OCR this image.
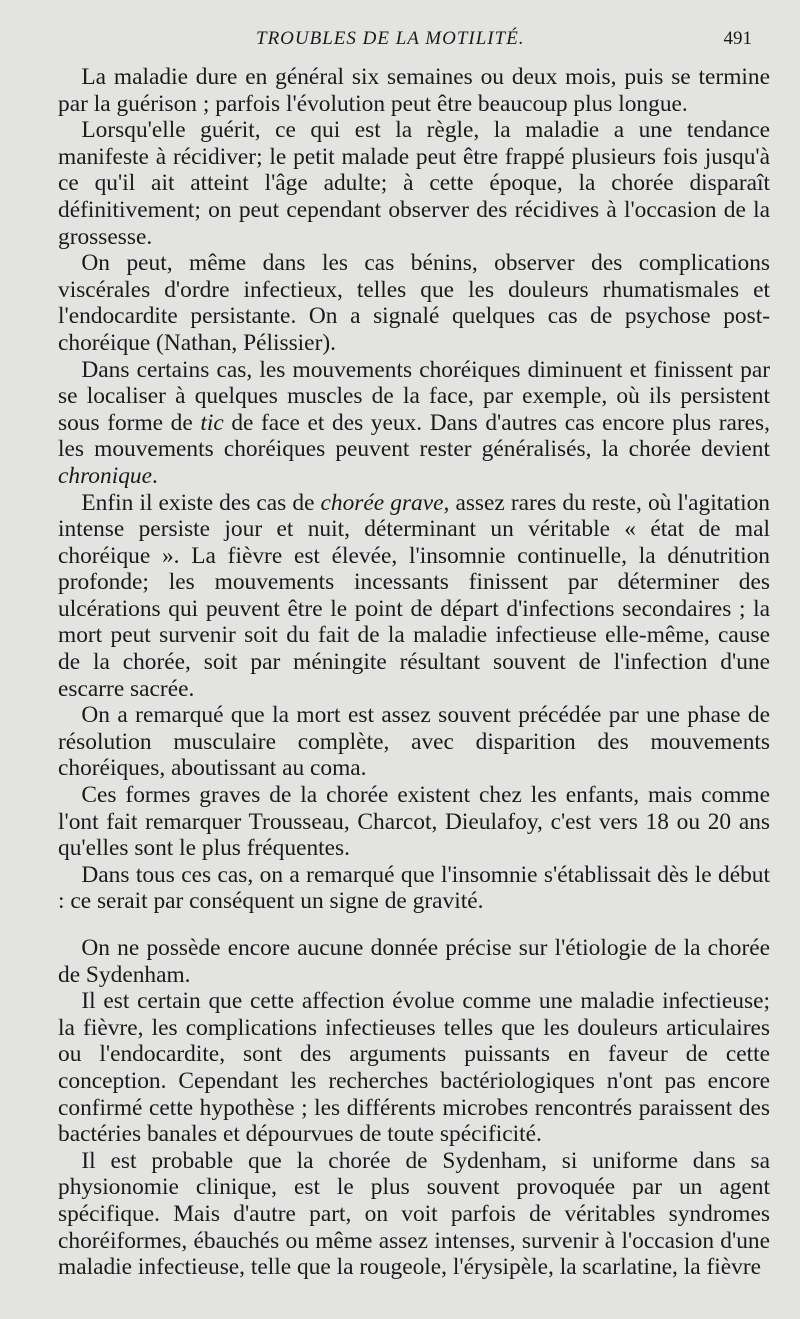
TROUBLES DE LA MOTILITÉ.	491

 La maladie dure en général six semaines ou deux mois, puis se termine par la guérison ; parfois l'évolution peut être beaucoup plus longue.

 Lorsqu'elle guérit, ce qui est la règle, la maladie a une tendance manifeste à récidiver; le petit malade peut être frappé plusieurs fois jusqu'à ce qu'il ait atteint l'âge adulte; à cette époque, la chorée disparaît définitivement; on peut cependant observer des récidives à l'occasion de la grossesse.

 On peut, même dans les cas bénins, observer des complications viscérales d'ordre infectieux, telles que les douleurs rhumatismales et l'endocardite persistante. On a signalé quelques cas de psychose post-choréique (Nathan, Pélissier).

 Dans certains cas, les mouvements choréiques diminuent et finissent par se localiser à quelques muscles de la face, par exemple, où ils persistent sous forme de tic de face et des yeux. Dans d'autres cas encore plus rares, les mouvements choréiques peuvent rester généralisés, la chorée devient chronique.

 Enfin il existe des cas de chorée grave, assez rares du reste, où l'agitation intense persiste jour et nuit, déterminant un véritable « état de mal choréique ». La fièvre est élevée, l'insomnie continuelle, la dénutrition profonde; les mouvements incessants finissent par déterminer des ulcérations qui peuvent être le point de départ d'infections secondaires ; la mort peut survenir soit du fait de la maladie infectieuse elle-même, cause de la chorée, soit par méningite résultant souvent de l'infection d'une escarre sacrée.

 On a remarqué que la mort est assez souvent précédée par une phase de résolution musculaire complète, avec disparition des mouvements choréiques, aboutissant au coma.

 Ces formes graves de la chorée existent chez les enfants, mais comme l'ont fait remarquer Trousseau, Charcot, Dieulafoy, c'est vers 18 ou 20 ans qu'elles sont le plus fréquentes.

 Dans tous ces cas, on a remarqué que l'insomnie s'établissait dès le début : ce serait par conséquent un signe de gravité.

 On ne possède encore aucune donnée précise sur l'étiologie de la chorée de Sydenham.

 Il est certain que cette affection évolue comme une maladie infectieuse; la fièvre, les complications infectieuses telles que les douleurs articulaires ou l'endocardite, sont des arguments puissants en faveur de cette conception. Cependant les recherches bactériologiques n'ont pas encore confirmé cette hypothèse ; les différents microbes rencontrés paraissent des bactéries banales et dépourvues de toute spécificité.

 Il est probable que la chorée de Sydenham, si uniforme dans sa physionomie clinique, est le plus souvent provoquée par un agent spécifique. Mais d'autre part, on voit parfois de véritables syndromes choréiformes, ébauchés ou même assez intenses, survenir à l'occasion d'une maladie infectieuse, telle que la rougeole, l'érysipèle, la scarlatine, la fièvre
